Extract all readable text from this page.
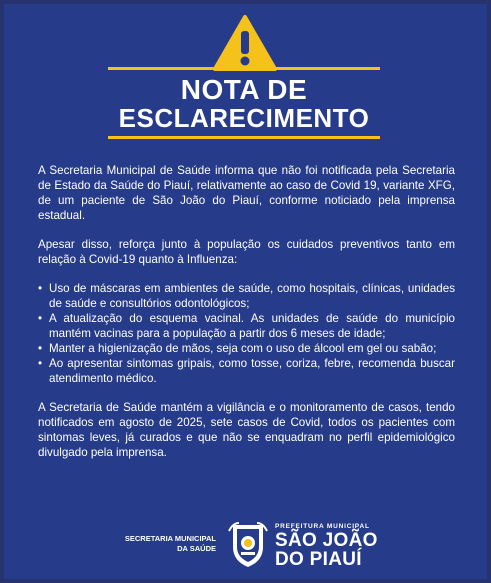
NOTA DE
ESCLARECIMENTO

A Secretaria Municipal de Saúde informa que não foi notificada pela Secretaria de Estado da Saúde do Piauí, relativamente ao caso de Covid 19, variante XFG, de um paciente de São João do Piauí, conforme noticiado pela imprensa estadual.

Apesar disso, reforça junto à população os cuidados preventivos tanto em relação à Covid-19 quanto à Influenza:

• Uso de máscaras em ambientes de saúde, como hospitais, clínicas, unidades de saúde e consultórios odontológicos;
• A atualização do esquema vacinal. As unidades de saúde do município mantém vacinas para a população a partir dos 6 meses de idade;
• Manter a higienização de mãos, seja com o uso de álcool em gel ou sabão;
• Ao apresentar sintomas gripais, como tosse, coriza, febre, recomenda buscar atendimento médico.

A Secretaria de Saúde mantém a vigilância e o monitoramento de casos, tendo notificados em agosto de 2025, sete casos de Covid, todos os pacientes com sintomas leves, já curados e que não se enquadram no perfil epidemiológico divulgado pela imprensa.

SECRETARIA MUNICIPAL
DA SAÚDE
PREFEITURA MUNICIPAL
SÃO JOÃO
DO PIAUÍ
